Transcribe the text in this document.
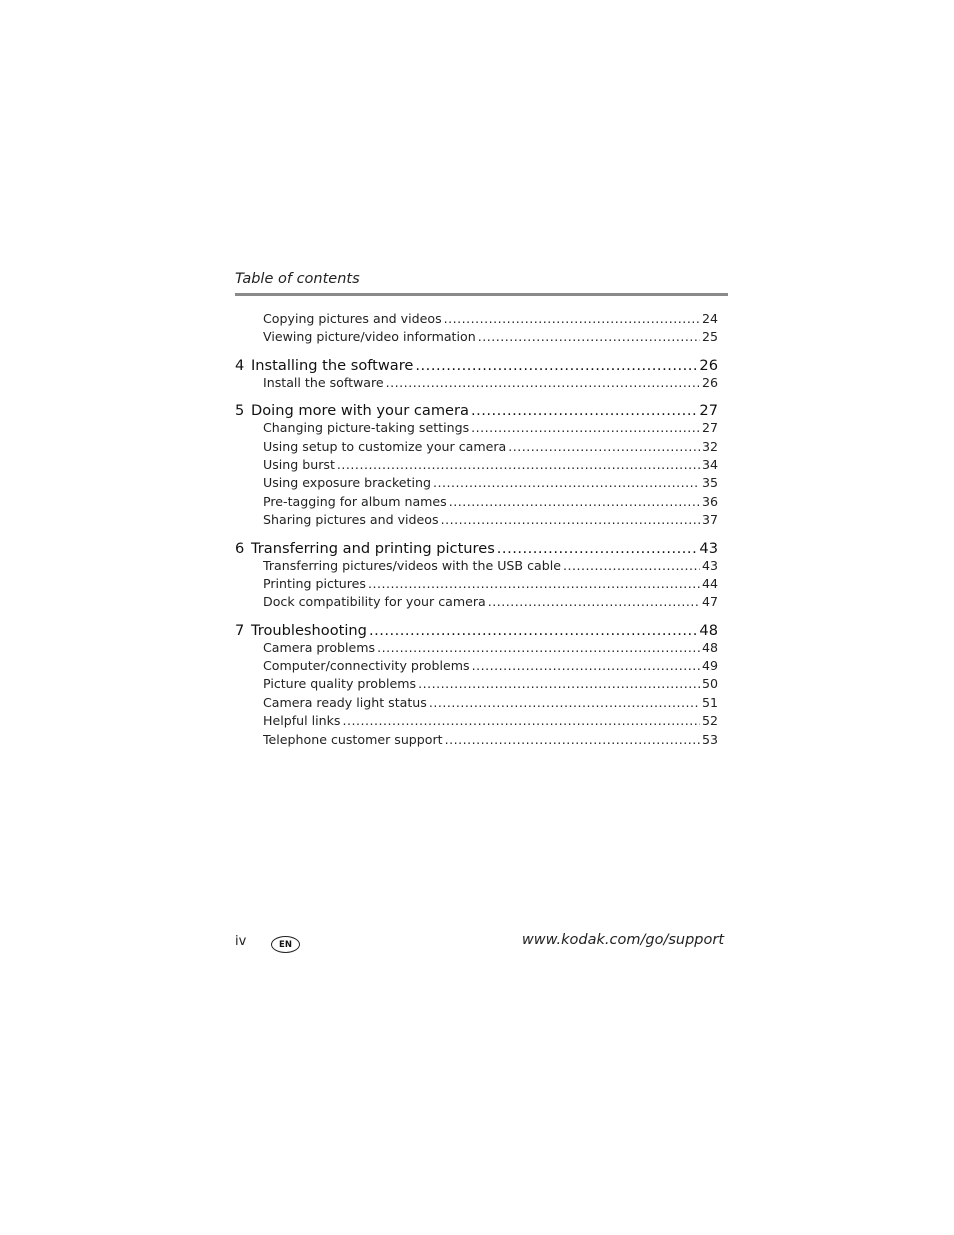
Table of contents
Copying pictures and videos .....	24
Viewing picture/video information .....	25
4 Installing the software .....	26
Install the software .....	26
5 Doing more with your camera .....	27
Changing picture-taking settings .....	27
Using setup to customize your camera .....	32
Using burst .....	34
Using exposure bracketing .....	35
Pre-tagging for album names .....	36
Sharing pictures and videos .....	37
6 Transferring and printing pictures .....	43
Transferring pictures/videos with the USB cable .....	43
Printing pictures .....	44
Dock compatibility for your camera .....	47
7 Troubleshooting .....	48
Camera problems .....	48
Computer/connectivity problems .....	49
Picture quality problems .....	50
Camera ready light status .....	51
Helpful links .....	52
Telephone customer support .....	53
iv	EN	www.kodak.com/go/support
